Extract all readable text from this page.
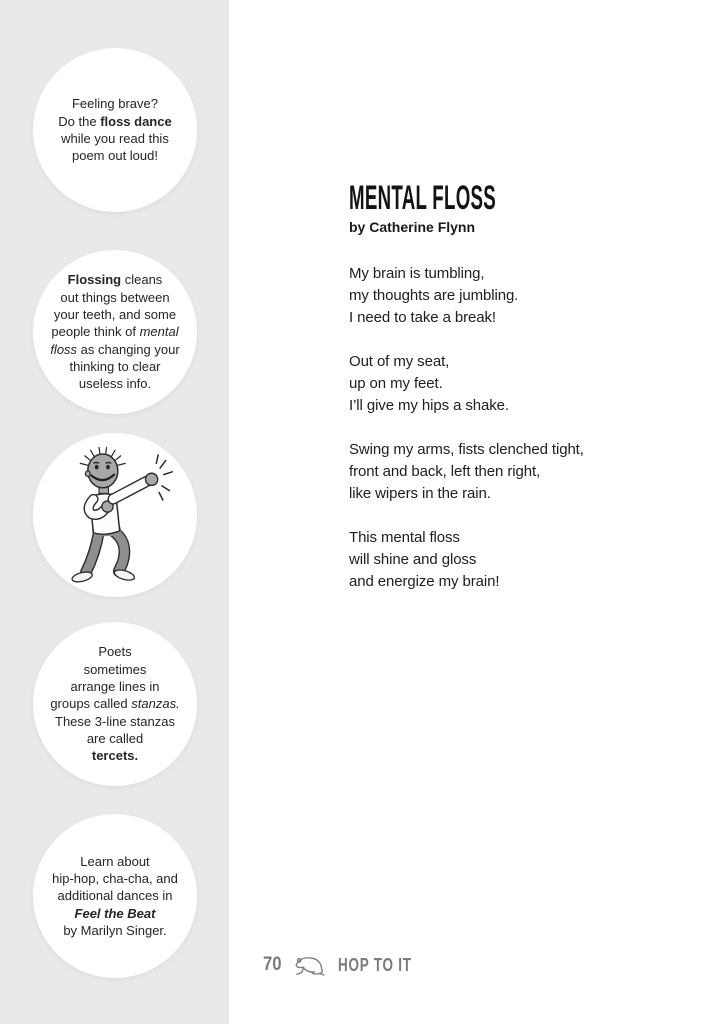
Feeling brave?
Do the floss dance
while you read this
poem out loud!
Flossing cleans
out things between
your teeth, and some
people think of mental
floss as changing your
thinking to clear
useless info.
Poets
sometimes
arrange lines in
groups called stanzas.
These 3-line stanzas
are called
tercets.
Learn about
hip-hop, cha-cha, and
additional dances in
Feel the Beat
by Marilyn Singer.
MENTAL FLOSS
by Catherine Flynn
My brain is tumbling,
my thoughts are jumbling.
I need to take a break!
Out of my seat,
up on my feet.
I’ll give my hips a shake.
Swing my arms, fists clenched tight,
front and back, left then right,
like wipers in the rain.
This mental floss
will shine and gloss
and energize my brain!
70	HOP TO IT
